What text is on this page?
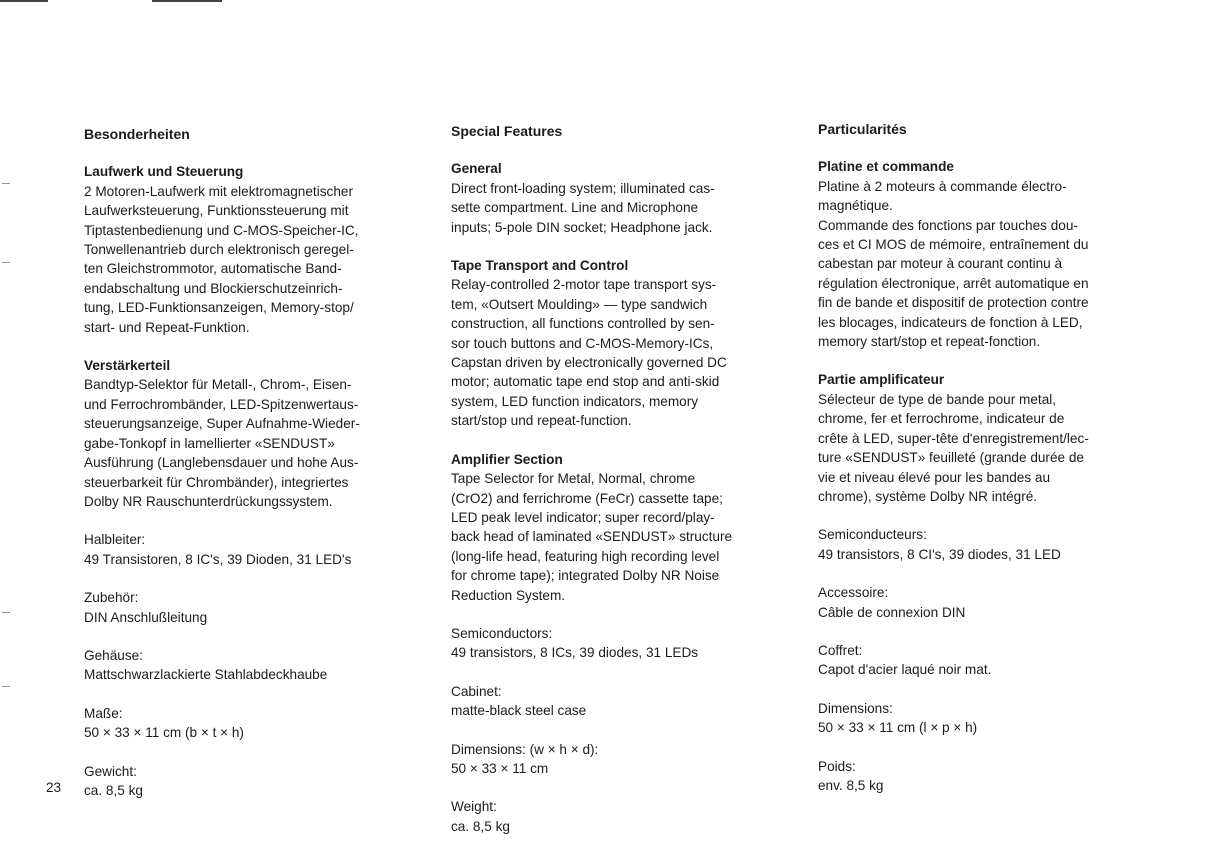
Besonderheiten
Laufwerk und Steuerung
2 Motoren-Laufwerk mit elektromagnetischer
Laufwerksteuerung, Funktionssteuerung mit
Tiptastenbedienung und C-MOS-Speicher-IC,
Tonwellenantrieb durch elektronisch geregel-
ten Gleichstrommotor, automatische Band-
endabschaltung und Blockierschutzeinrich-
tung, LED-Funktionsanzeigen, Memory-stop/
start- und Repeat-Funktion.
Verstärkerteil
Bandtyp-Selektor für Metall-, Chrom-, Eisen-
und Ferrochrombänder, LED-Spitzenwertaus-
steuerungsanzeige, Super Aufnahme-Wieder-
gabe-Tonkopf in lamellierter «SENDUST»
Ausführung (Langlebensdauer und hohe Aus-
steuerbarkeit für Chrombänder), integriertes
Dolby NR Rauschunterdrückungssystem.
Halbleiter:
49 Transistoren, 8 IC's, 39 Dioden, 31 LED's
Zubehör:
DIN Anschlußleitung
Gehäuse:
Mattschwarzlackierte Stahlabdeckhaube
Maße:
50 × 33 × 11 cm (b × t × h)
Gewicht:
ca. 8,5 kg
Special Features
General
Direct front-loading system; illuminated cas-
sette compartment. Line and Microphone
inputs; 5-pole DIN socket; Headphone jack.
Tape Transport and Control
Relay-controlled 2-motor tape transport sys-
tem, «Outsert Moulding» — type sandwich
construction, all functions controlled by sen-
sor touch buttons and C-MOS-Memory-ICs,
Capstan driven by electronically governed DC
motor; automatic tape end stop and anti-skid
system, LED function indicators, memory
start/stop und repeat-function.
Amplifier Section
Tape Selector for Metal, Normal, chrome
(CrO2) and ferrichrome (FeCr) cassette tape;
LED peak level indicator; super record/play-
back head of laminated «SENDUST» structure
(long-life head, featuring high recording level
for chrome tape); integrated Dolby NR Noise
Reduction System.
Semiconductors:
49 transistors, 8 ICs, 39 diodes, 31 LEDs
Cabinet:
matte-black steel case
Dimensions: (w × h × d):
50 × 33 × 11 cm
Weight:
ca. 8,5 kg
Particularités
Platine et commande
Platine à 2 moteurs à commande électro-
magnétique.
Commande des fonctions par touches dou-
ces et CI MOS de mémoire, entraînement du
cabestan par moteur à courant continu à
régulation électronique, arrêt automatique en
fin de bande et dispositif de protection contre
les blocages, indicateurs de fonction à LED,
memory start/stop et repeat-fonction.
Partie amplificateur
Sélecteur de type de bande pour metal,
chrome, fer et ferrochrome, indicateur de
crête à LED, super-tête d'enregistrement/lec-
ture «SENDUST» feuilleté (grande durée de
vie et niveau élevé pour les bandes au
chrome), système Dolby NR intégré.
Semiconducteurs:
49 transistors, 8 CI's, 39 diodes, 31 LED
Accessoire:
Câble de connexion DIN
Coffret:
Capot d'acier laqué noir mat.
Dimensions:
50 × 33 × 11 cm (l × p × h)
Poids:
env. 8,5 kg
23
